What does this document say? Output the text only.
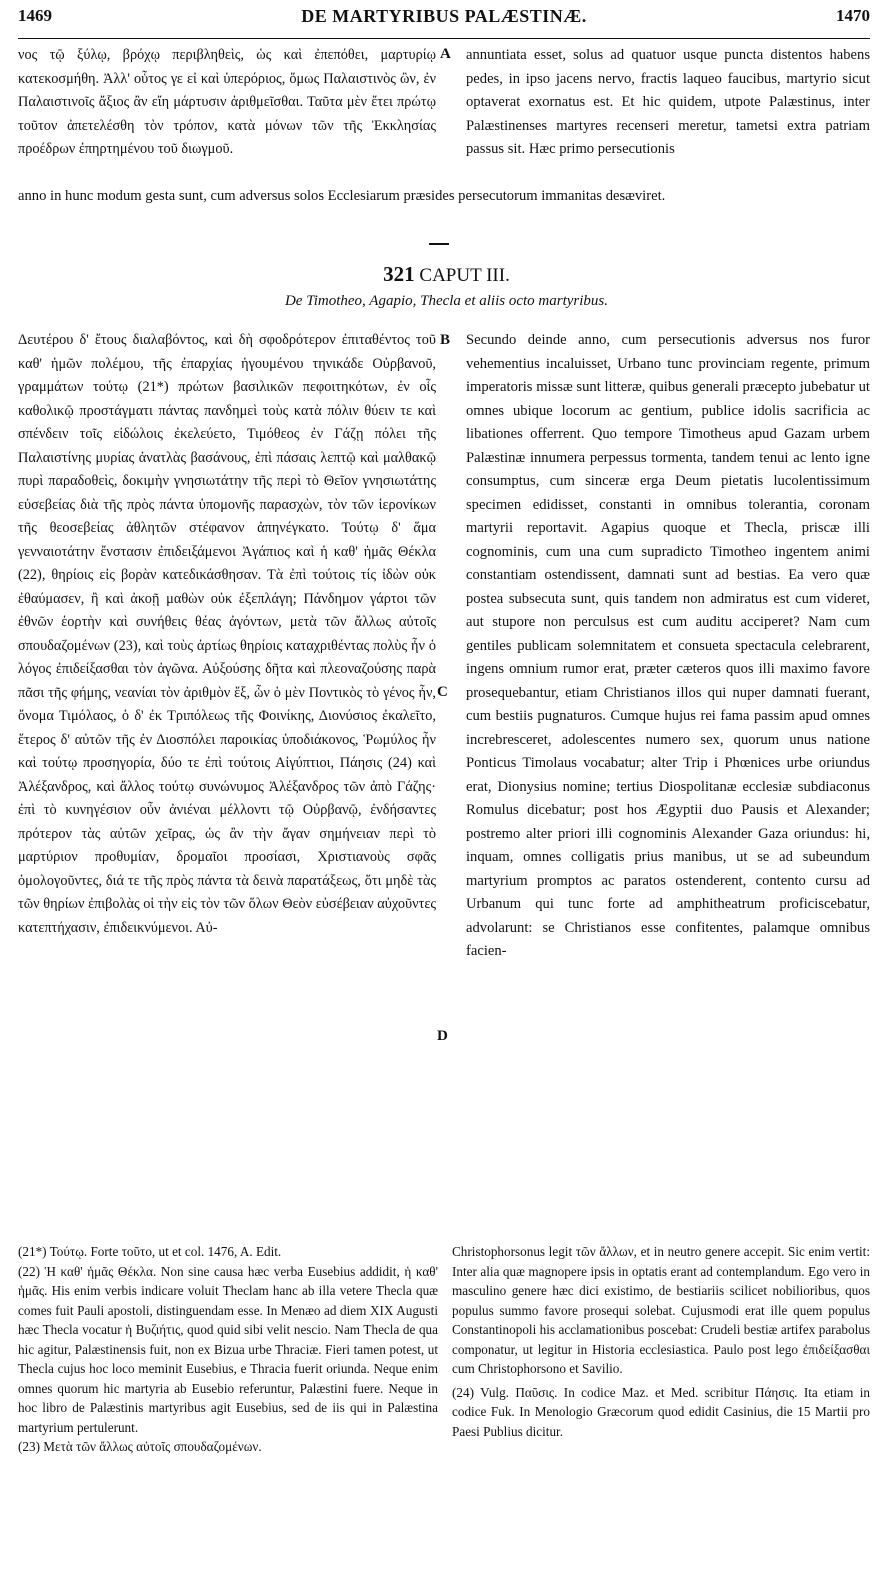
1469	DE MARTYRIBUS PALÆSTINÆ.	1470
νος τῷ ξύλῳ, βρόχῳ περιβληθεὶς, ὡς καὶ ἐπεπόθει, μαρτυρίῳ κατεκοσμήθη. Ἀλλ' οὗτος γε εἰ καὶ ὑπερόριος, ὅμως Παλαιστινὸς ὢν, ἐν Παλαιστινοῖς ἄξιος ἂν εἴη μάρτυσιν ἀριθμεῖσθαι. Ταῦτα μὲν ἔτει πρώτῳ τοῦτον ἀπετελέσθη τὸν τρόπον, κατὰ μόνων τῶν τῆς Ἐκκλησίας προέδρων ἐπηρτημένου τοῦ διωγμοῦ.
A annuntiata esset, solus ad quatuor usque puncta distentos habens pedes, in ipso jacens nervo, fractis laqueo faucibus, martyrio sicut optaverat exornatus est. Et hic quidem, utpote Palæstinus, inter Palæstinenses martyres recenseri meretur, tametsi extra patriam passus sit. Hæc primo persecutionis
anno in hunc modum gesta sunt, cum adversus solos Ecclesiarum præsides persecutorum immanitas desæviret.
321 CAPUT III.
De Timotheo, Agapio, Thecla et aliis octo martyribus.
Δευτέρου δ' ἔτους διαλαβόντος, καὶ δὴ σφοδρότερον ἐπιταθέντος τοῦ καθ' ἡμῶν πολέμου, τῆς ἐπαρχίας ἡγουμένου τηνικάδε Οὐρβανοῦ, γραμμάτων τούτῳ (21*) πρώτων βασιλικῶν πεφοιτηκότων, ἐν οἷς καθολικῷ προστάγματι πάντας πανδημεὶ τοὺς κατὰ πόλιν θύειν τε καὶ σπένδειν τοῖς εἰδώλοις ἐκελεύετο, Τιμόθεος ἐν Γάζῃ πόλει τῆς Παλαιστίνης μυρίας ἀνατλὰς βασάνους, ἐπὶ πάσαις λεπτῷ καὶ μαλθακῷ πυρὶ παραδοθεὶς, δοκιμὴν γνησιωτάτην τῆς περὶ τὸ Θεῖον γνησιωτάτης εὐσεβείας διὰ τῆς πρὸς πάντα ὑπομονῆς παρασχὼν, τὸν τῶν ἱερονίκων τῆς θεοσεβείας ἀθλητῶν στέφανον ἀπηνέγκατο. Τούτῳ δ' ἅμα γενναιοτάτην ἔνστασιν ἐπιδειξάμενοι Ἀγάπιος καὶ ἡ καθ' ἡμᾶς Θέκλα (22), θηρίοις εἰς βορὰν κατεδικάσθησαν. Τὰ ἐπὶ τούτοις τίς ἰδὼν οὐκ ἐθαύμασεν, ἢ καὶ ἀκοῇ μαθὼν οὐκ ἐξεπλάγη; Πάνδημον γάρτοι τῶν ἐθνῶν ἑορτὴν καὶ συνήθεις θέας ἀγόντων, μετὰ τῶν ἄλλως αὐτοῖς σπουδαζομένων (23), καὶ τοὺς ἀρτίως θηρίοις καταχριθέντας πολὺς ἦν ὁ λόγος ἐπιδείξασθαι τὸν ἀγῶνα. Αὐξούσης δῆτα καὶ πλεοναζούσης παρὰ πᾶσι τῆς φήμης, νεανίαι τὸν ἀριθμὸν ἕξ, ὧν ὁ μὲν Ποντικὸς τὸ γένος ἦν, ὄνομα Τιμόλαος, ὁ δ' ἐκ Τριπόλεως τῆς Φοινίκης, Διονύσιος ἐκαλεῖτο, ἕτερος δ' αὐτῶν τῆς ἐν Διοσπόλει παροικίας ὑποδιάκονος, Ῥωμύλος ἦν καὶ τούτῳ προσηγορία, δύο τε ἐπὶ τούτοις Αἰγύπτιοι, Πάησις (24) καὶ Ἀλέξανδρος, καὶ ἄλλος τούτῳ συνώνυμος Ἀλέξανδρος τῶν ἀπὸ Γάζης· ἐπὶ τὸ κυνηγέσιον οὖν ἀνιέναι μέλλοντι τῷ Οὐρβανῷ, ἐνδήσαντες πρότερον τὰς αὐτῶν χεῖρας, ὡς ἂν τὴν ἄγαν σημήνειαν περὶ τὸ μαρτύριον προθυμίαν, δρομαῖοι προσίασι, Χριστιανοὺς σφᾶς ὁμολογοῦντες, διά τε τῆς πρὸς πάντα τὰ δεινὰ παρατάξεως, ὅτι μηδὲ τὰς τῶν θηρίων ἐπιβολὰς οἱ τὴν εἰς τὸν τῶν ὅλων Θεὸν εὐσέβειαν αὐχοῦντες κατεπτήχασιν, ἐπιδεικνύμενοι. Αὐ-
B
C
D
Secundo deinde anno, cum persecutionis adversus nos furor vehementius incaluisset, Urbano tunc provinciam regente, primum imperatoris missæ sunt litteræ, quibus generali præcepto jubebatur ut omnes ubique locorum ac gentium, publice idolis sacrificia ac libationes offerrent. Quo tempore Timotheus apud Gazam urbem Palæstinæ innumera perpessus tormenta, tandem tenui ac lento igne consumptus, cum sinceræ erga Deum pietatis lucolentissimum specimen edidisset, constanti in omnibus tolerantia, coronam martyrii reportavit. Agapius quoque et Thecla, priscæ illi cognominis, cum una cum supradicto Timotheo ingentem animi constantiam ostendissent, damnati sunt ad bestias. Ea vero quæ postea subsecuta sunt, quis tandem non admiratus est cum videret, aut stupore non perculsus est cum auditu acciperet? Nam cum gentiles publicam solemnitatem et consueta spectacula celebrarent, ingens omnium rumor erat, præter cæteros quos illi maximo favore prosequebantur, etiam Christianos illos qui nuper damnati fuerant, cum bestiis pugnaturos. Cumque hujus rei fama passim apud omnes increbresceret, adolescentes numero sex, quorum unus natione Ponticus Timolaus vocabatur; alter Trip i Phœnices urbe oriundus erat, Dionysius nomine; tertius Diospolitanæ ecclesiæ subdiaconus Romulus dicebatur; post hos Ægyptii duo Pausis et Alexander; postremo alter priori illi cognominis Alexander Gaza oriundus: hi, inquam, omnes colligatis prius manibus, ut se ad subeundum martyrium promptos ac paratos ostenderent, contento cursu ad Urbanum qui tunc forte ad amphitheatrum proficiscebatur, advolarunt: se Christianos esse confitentes, palamque omnibus facien-

(21*) Τούτῳ. Forte τοῦτο, ut et col. 1476, A. Edit.

(22) Ἡ καθ' ἡμᾶς Θέκλα. Non sine causa hæc verba Eusebius addidit, ἡ καθ' ἡμᾶς. His enim verbis indicare voluit Theclam hanc ab illa vetere Thecla quæ comes fuit Pauli apostoli, distinguendam esse. In Menæo ad diem XIX Augusti hæc Thecla vocatur ἡ Βυζιήτις, quod quid sibi velit nescio. Nam Thecla de qua hic agitur, Palæstinensis fuit, non ex Bizua urbe Thraciæ. Fieri tamen potest, ut Thecla cujus hoc loco meminit Eusebius, e Thracia fuerit oriunda. Neque enim omnes quorum hic martyria ab Eusebio referuntur, Palæstini fuere. Neque in hoc libro de Palæstinis martyribus agit Eusebius, sed de iis qui in Palæstina martyrium pertulerunt.

(23) Μετὰ τῶν ἄλλως αὐτοῖς σπουδαζομένων.

Christophorsonus legit τῶν ἄλλων, et in neutro genere accepit. Sic enim vertit: Inter alia quæ magnopere ipsis in optatis erant ad contemplandum. Ego vero in masculino genere hæc dici existimo, de bestiariis scilicet nobilioribus, quos populus summo favore prosequi solebat. Cujusmodi erat ille quem populus Constantinopoli his acclamationibus poscebat: Crudeli bestiæ artifex parabolus componatur, ut legitur in Historia ecclesiastica. Paulo post lego ἐπιδείξασθαι cum Christophorsono et Savilio.

(24) Vulg. Παῦσις. In codice Maz. et Med. scribitur Πάησις. Ita etiam in codice Fuk. In Menologio Græcorum quod edidit Casinius, die 15 Martii pro Paesi Publius dicitur.
